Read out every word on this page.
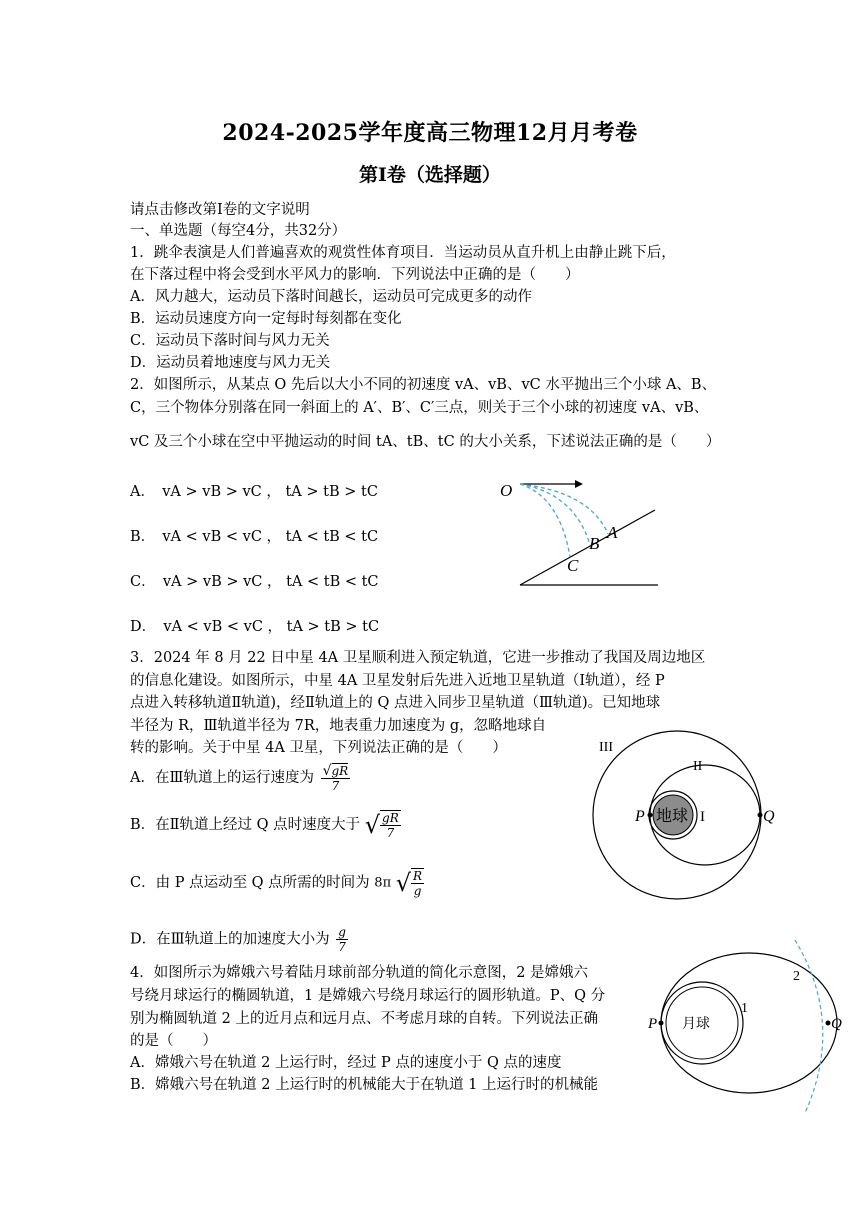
2024-2025学年度高三物理12月月考卷
第Ⅰ卷（选择题）
请点击修改第Ⅰ卷的文字说明
一、单选题（每空4分，共32分）
1．跳伞表演是人们普遍喜欢的观赏性体育项目．当运动员从直升机上由静止跳下后，
在下落过程中将会受到水平风力的影响．下列说法中正确的是（　　）
A．风力越大，运动员下落时间越长，运动员可完成更多的动作
B．运动员速度方向一定每时每刻都在变化
C．运动员下落时间与风力无关
D．运动员着地速度与风力无关
2．如图所示，从某点 O 先后以大小不同的初速度 vA、vB、vC 水平抛出三个小球 A、B、
C，三个物体分别落在同一斜面上的 A′、B′、C′三点，则关于三个小球的初速度 vA、vB、
vC 及三个小球在空中平抛运动的时间 tA、tB、tC 的大小关系，下述说法正确的是（　　）
A．　vA > vB > vC ， tA > tB > tC
B．　vA < vB < vC ， tA < tB < tC
C．　vA > vB > vC ， tA < tB < tC
D．　vA < vB < vC ， tA > tB > tC
O
A
B
C
3．2024 年 8 月 22 日中星 4A 卫星顺利进入预定轨道，它进一步推动了我国及周边地区
的信息化建设。如图所示，中星 4A 卫星发射后先进入近地卫星轨道（Ⅰ轨道），经 P
点进入转移轨道Ⅱ轨道)，经Ⅱ轨道上的 Q 点进入同步卫星轨道（Ⅲ轨道)。已知地球
半径为 R，Ⅲ轨道半径为 7R，地表重力加速度为 g，忽略地球自
转的影响。关于中星 4A 卫星，下列说法正确的是（　　）
A．在Ⅲ轨道上的运行速度为 $\frac{√ gR}{7}$
B．在Ⅱ轨道上经过 Q 点时速度大于 √ $\frac{gR}{7}$
C．由 P 点运动至 Q 点所需的时间为 8π √ $\frac{R}{g}$
D．在Ⅲ轨道上的加速度大小为 $\frac{g}{7}$
III
II
I
P	Q
地球
4．如图所示为嫦娥六号着陆月球前部分轨道的简化示意图，2 是嫦娥六
号绕月球运行的椭圆轨道，1 是嫦娥六号绕月球运行的圆形轨道。P、Q 分
别为椭圆轨道 2 上的近月点和远月点、不考虑月球的自转。下列说法正确
的是（　　）
A．嫦娥六号在轨道 2 上运行时，经过 P 点的速度小于 Q 点的速度
B．嫦娥六号在轨道 2 上运行时的机械能大于在轨道 1 上运行时的机械能
P	Q
1
2
月球
